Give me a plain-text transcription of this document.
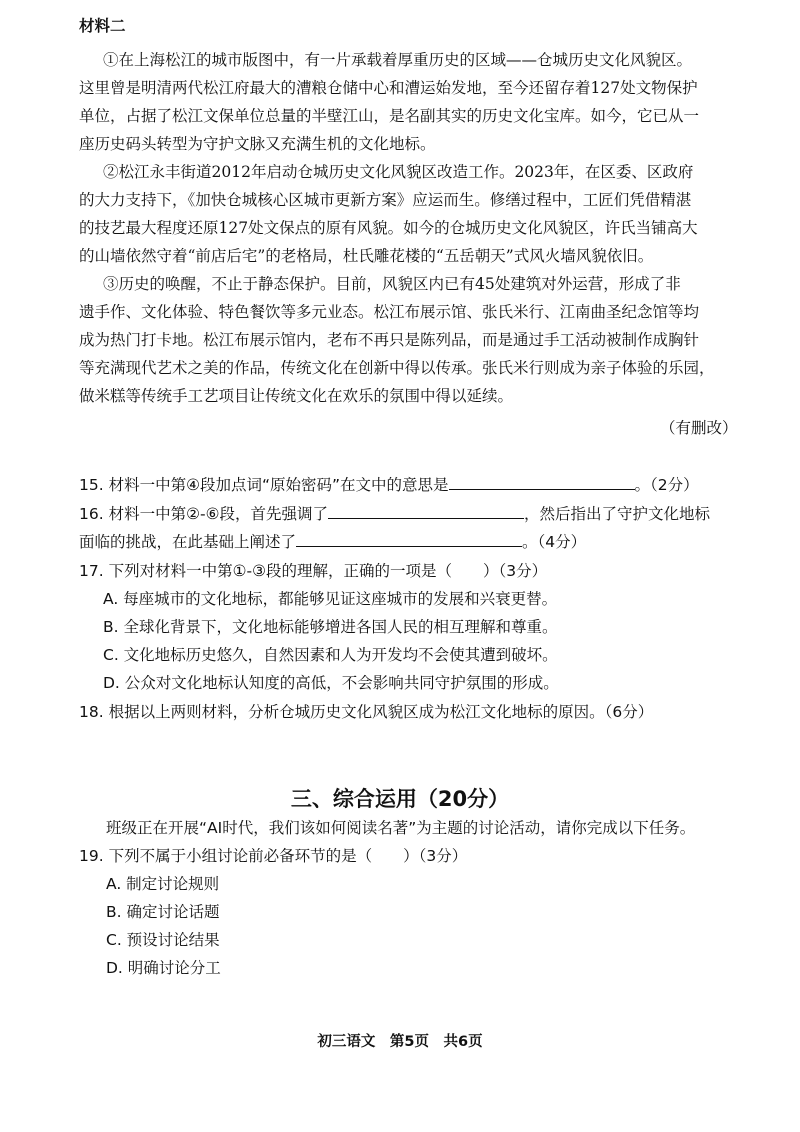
材料二
①在上海松江的城市版图中，有一片承载着厚重历史的区域——仓城历史文化风貌区。
这里曾是明清两代松江府最大的漕粮仓储中心和漕运始发地，至今还留存着127处文物保护
单位，占据了松江文保单位总量的半壁江山，是名副其实的历史文化宝库。如今，它已从一
座历史码头转型为守护文脉又充满生机的文化地标。
②松江永丰街道2012年启动仓城历史文化风貌区改造工作。2023年，在区委、区政府
的大力支持下，《加快仓城核心区城市更新方案》应运而生。修缮过程中，工匠们凭借精湛
的技艺最大程度还原127处文保点的原有风貌。如今的仓城历史文化风貌区，许氏当铺高大
的山墙依然守着“前店后宅”的老格局，杜氏雕花楼的“五岳朝天”式风火墙风貌依旧。
③历史的唤醒，不止于静态保护。目前，风貌区内已有45处建筑对外运营，形成了非
遗手作、文化体验、特色餐饮等多元业态。松江布展示馆、张氏米行、江南曲圣纪念馆等均
成为热门打卡地。松江布展示馆内，老布不再只是陈列品，而是通过手工活动被制作成胸针
等充满现代艺术之美的作品，传统文化在创新中得以传承。张氏米行则成为亲子体验的乐园，
做米糕等传统手工艺项目让传统文化在欢乐的氛围中得以延续。
（有删改）
15. 材料一中第④段加点词“原始密码”在文中的意思是	。（2分）
16. 材料一中第②-⑥段，首先强调了	，然后指出了守护文化地标
面临的挑战，在此基础上阐述了	。（4分）
17. 下列对材料一中第①-③段的理解，正确的一项是（　　）（3分）
A. 每座城市的文化地标，都能够见证这座城市的发展和兴衰更替。
B. 全球化背景下，文化地标能够增进各国人民的相互理解和尊重。
C. 文化地标历史悠久，自然因素和人为开发均不会使其遭到破坏。
D. 公众对文化地标认知度的高低，不会影响共同守护氛围的形成。
18. 根据以上两则材料，分析仓城历史文化风貌区成为松江文化地标的原因。（6分）
三、综合运用（20分）
班级正在开展“AI时代，我们该如何阅读名著”为主题的讨论活动，请你完成以下任务。
19. 下列不属于小组讨论前必备环节的是（　　）（3分）
A. 制定讨论规则
B. 确定讨论话题
C. 预设讨论结果
D. 明确讨论分工
初三语文　第5页　共6页
